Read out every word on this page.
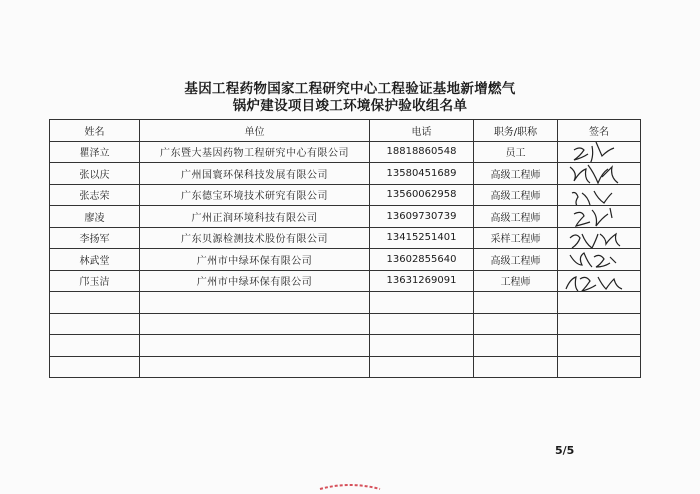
基因工程药物国家工程研究中心工程验证基地新增燃气
锅炉建设项目竣工环境保护验收组名单
姓名	单位	电话	职务/职称	签名
瞿泽立	广东暨大基因药物工程研究中心有限公司	18818860548	员工	

张以庆	广州国寰环保科技发展有限公司	13580451689	高级工程师	

张志荣	广东德宝环境技术研究有限公司	13560062958	高级工程师	

廖凌	广州正润环境科技有限公司	13609730739	高级工程师	

李扬军	广东贝源检测技术股份有限公司	13415251401	采样工程师	

林武堂	广州市中绿环保有限公司	13602855640	高级工程师	

邝玉洁	广州市中绿环保有限公司	13631269091	工程师	

5/5
